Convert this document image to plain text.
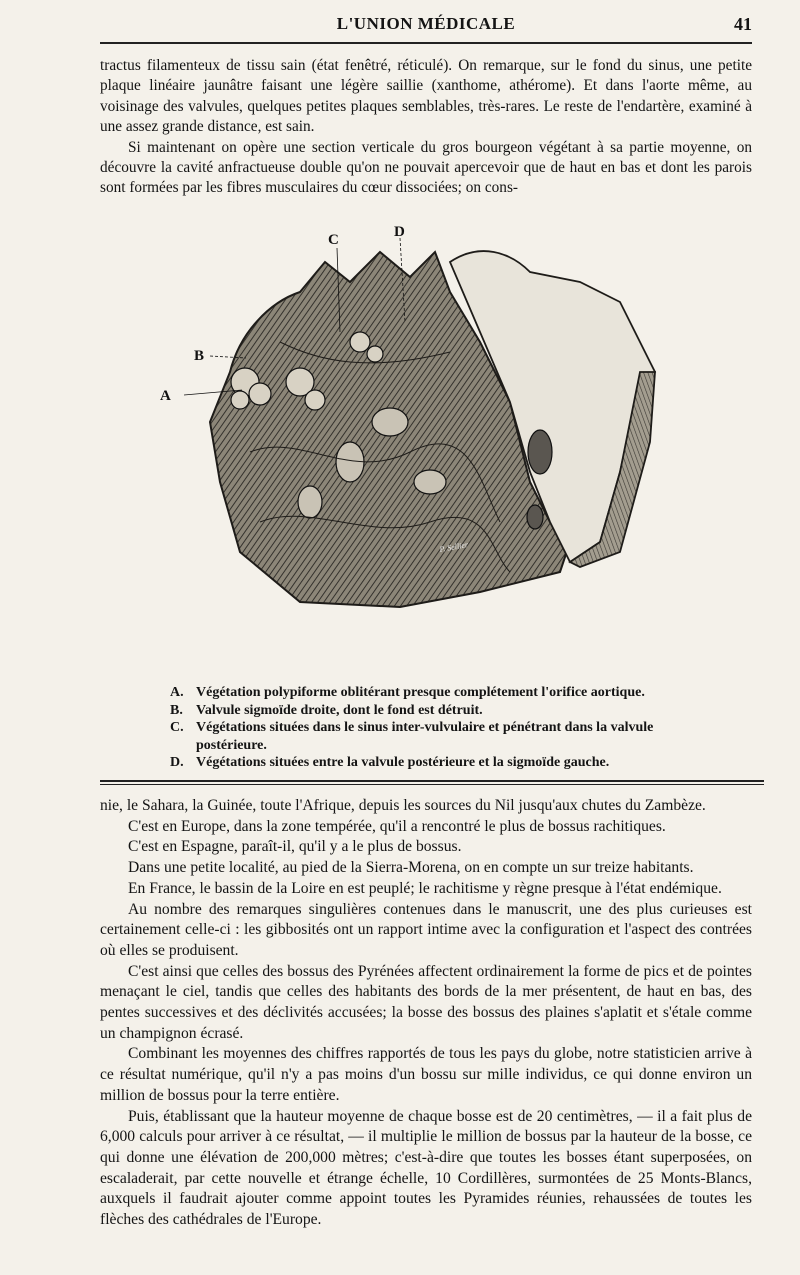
L'UNION MÉDICALE	41

tractus filamenteux de tissu sain (état fenêtré, réticulé). On remarque, sur le fond du sinus, une petite plaque linéaire jaunâtre faisant une légère saillie (xanthome, athérome). Et dans l'aorte même, au voisinage des valvules, quelques petites plaques semblables, très-rares. Le reste de l'endartère, examiné à une assez grande distance, est sain.

Si maintenant on opère une section verticale du gros bourgeon végétant à sa partie moyenne, on découvre la cavité anfractueuse double qu'on ne pouvait apercevoir que de haut en bas et dont les parois sont formées par les fibres musculaires du cœur dissociées; on cons-

A
B
C	D
P. Sellier
A. Végétation polypiforme oblitérant presque complétement l'orifice aortique.
B. Valvule sigmoïde droite, dont le fond est détruit.
C. Végétations situées dans le sinus inter-vulvulaire et pénétrant dans la valvule postérieure.
D. Végétations situées entre la valvule postérieure et la sigmoïde gauche.

nie, le Sahara, la Guinée, toute l'Afrique, depuis les sources du Nil jusqu'aux chutes du Zambèze.

C'est en Europe, dans la zone tempérée, qu'il a rencontré le plus de bossus rachitiques.

C'est en Espagne, paraît-il, qu'il y a le plus de bossus.

Dans une petite localité, au pied de la Sierra-Morena, on en compte un sur treize habitants.

En France, le bassin de la Loire en est peuplé; le rachitisme y règne presque à l'état endémique.

Au nombre des remarques singulières contenues dans le manuscrit, une des plus curieuses est certainement celle-ci : les gibbosités ont un rapport intime avec la configuration et l'aspect des contrées où elles se produisent.

C'est ainsi que celles des bossus des Pyrénées affectent ordinairement la forme de pics et de pointes menaçant le ciel, tandis que celles des habitants des bords de la mer présentent, de haut en bas, des pentes successives et des déclivités accusées; la bosse des bossus des plaines s'aplatit et s'étale comme un champignon écrasé.

Combinant les moyennes des chiffres rapportés de tous les pays du globe, notre statisticien arrive à ce résultat numérique, qu'il n'y a pas moins d'un bossu sur mille individus, ce qui donne environ un million de bossus pour la terre entière.

Puis, établissant que la hauteur moyenne de chaque bosse est de 20 centimètres, — il a fait plus de 6,000 calculs pour arriver à ce résultat, — il multiplie le million de bossus par la hauteur de la bosse, ce qui donne une élévation de 200,000 mètres; c'est-à-dire que toutes les bosses étant superposées, on escaladerait, par cette nouvelle et étrange échelle, 10 Cordillères, surmontées de 25 Monts-Blancs, auxquels il faudrait ajouter comme appoint toutes les Pyramides réunies, rehaussées de toutes les flèches des cathédrales de l'Europe.
